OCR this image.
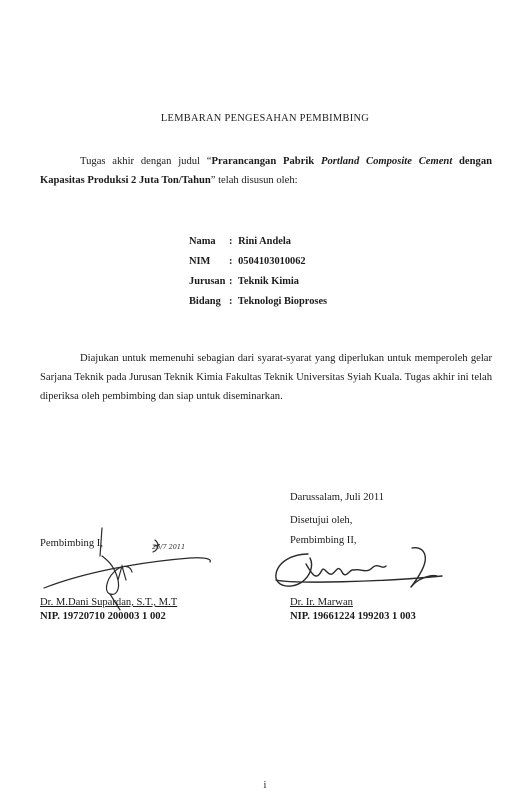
LEMBARAN PENGESAHAN PEMBIMBING
Tugas akhir dengan judul “Prarancangan Pabrik Portland Composite Cement dengan Kapasitas Produksi 2 Juta Ton/Tahun” telah disusun oleh:
Nama : Rini Andela
NIM : 0504103010062
Jurusan : Teknik Kimia
Bidang : Teknologi Bioproses
Diajukan untuk memenuhi sebagian dari syarat-syarat yang diperlukan untuk memperoleh gelar Sarjana Teknik pada Jurusan Teknik Kimia Fakultas Teknik Universitas Syiah Kuala. Tugas akhir ini telah diperiksa oleh pembimbing dan siap untuk diseminarkan.
Darussalam, Juli 2011
Disetujui oleh,
Pembimbing II,
Pembimbing I,	26/7 2011
Dr. M.Dani Supardan, S.T., M.T
NIP. 19720710 200003 1 002
Dr. Ir. Marwan
NIP. 19661224 199203 1 003
i
